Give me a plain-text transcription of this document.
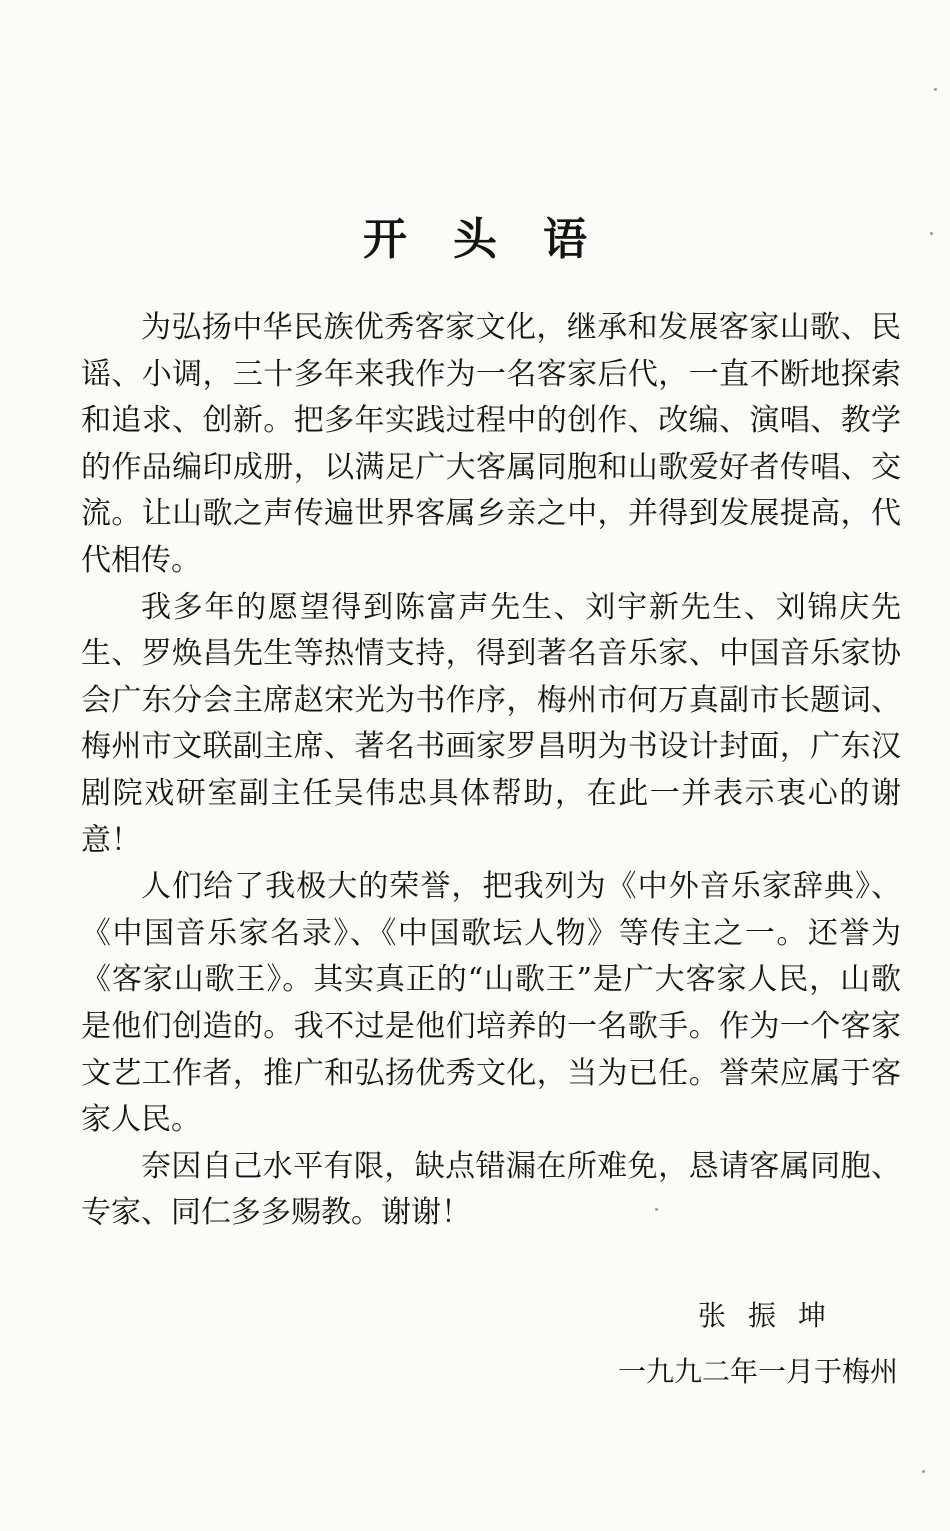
开头语

为弘扬中华民族优秀客家文化，继承和发展客家山歌、民谣、小调，三十多年来我作为一名客家后代，一直不断地探索和追求、创新。把多年实践过程中的创作、改编、演唱、教学的作品编印成册，以满足广大客属同胞和山歌爱好者传唱、交流。让山歌之声传遍世界客属乡亲之中，并得到发展提高，代代相传。

我多年的愿望得到陈富声先生、刘宇新先生、刘锦庆先生、罗焕昌先生等热情支持，得到著名音乐家、中国音乐家协会广东分会主席赵宋光为书作序，梅州市何万真副市长题词、梅州市文联副主席、著名书画家罗昌明为书设计封面，广东汉剧院戏研室副主任吴伟忠具体帮助，在此一并表示衷心的谢意！

人们给了我极大的荣誉，把我列为《中外音乐家辞典》、《中国音乐家名录》、《中国歌坛人物》等传主之一。还誉为《客家山歌王》。其实真正的“山歌王”是广大客家人民，山歌是他们创造的。我不过是他们培养的一名歌手。作为一个客家文艺工作者，推广和弘扬优秀文化，当为已任。誉荣应属于客家人民。

奈因自己水平有限，缺点错漏在所难免，恳请客属同胞、专家、同仁多多赐教。谢谢！

张振坤
一九九二年一月于梅州
